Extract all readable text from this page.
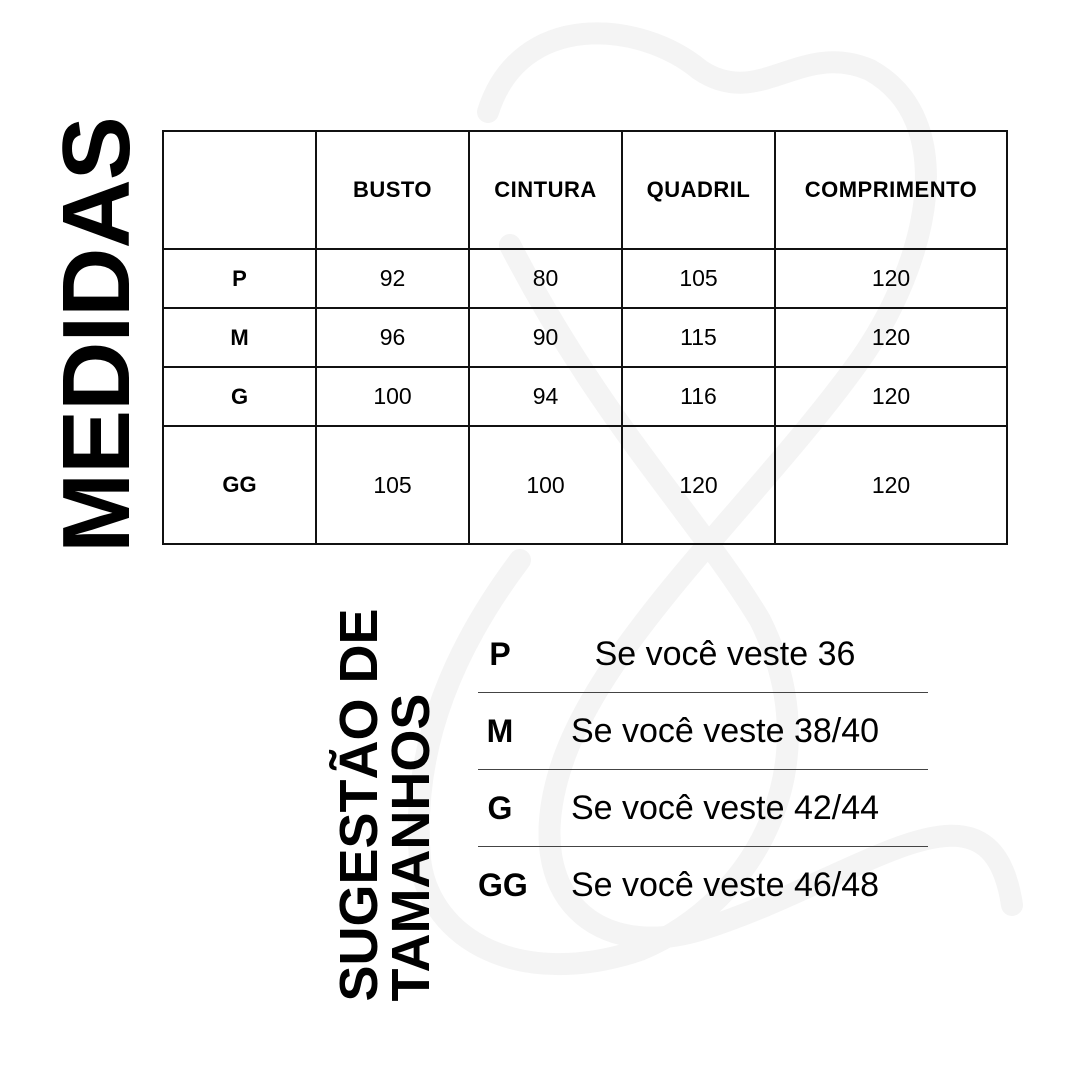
MEDIDAS
		BUSTO	CINTURA	QUADRIL	COMPRIMENTO
P	92	80	105	120
M	96	90	115	120
G	100	94	116	120
GG	105	100	120	120
SUGESTÃO DE
TAMANHOS
P	Se você veste 36
M	Se você veste 38/40
G	Se você veste 42/44
GG	Se você veste 46/48
